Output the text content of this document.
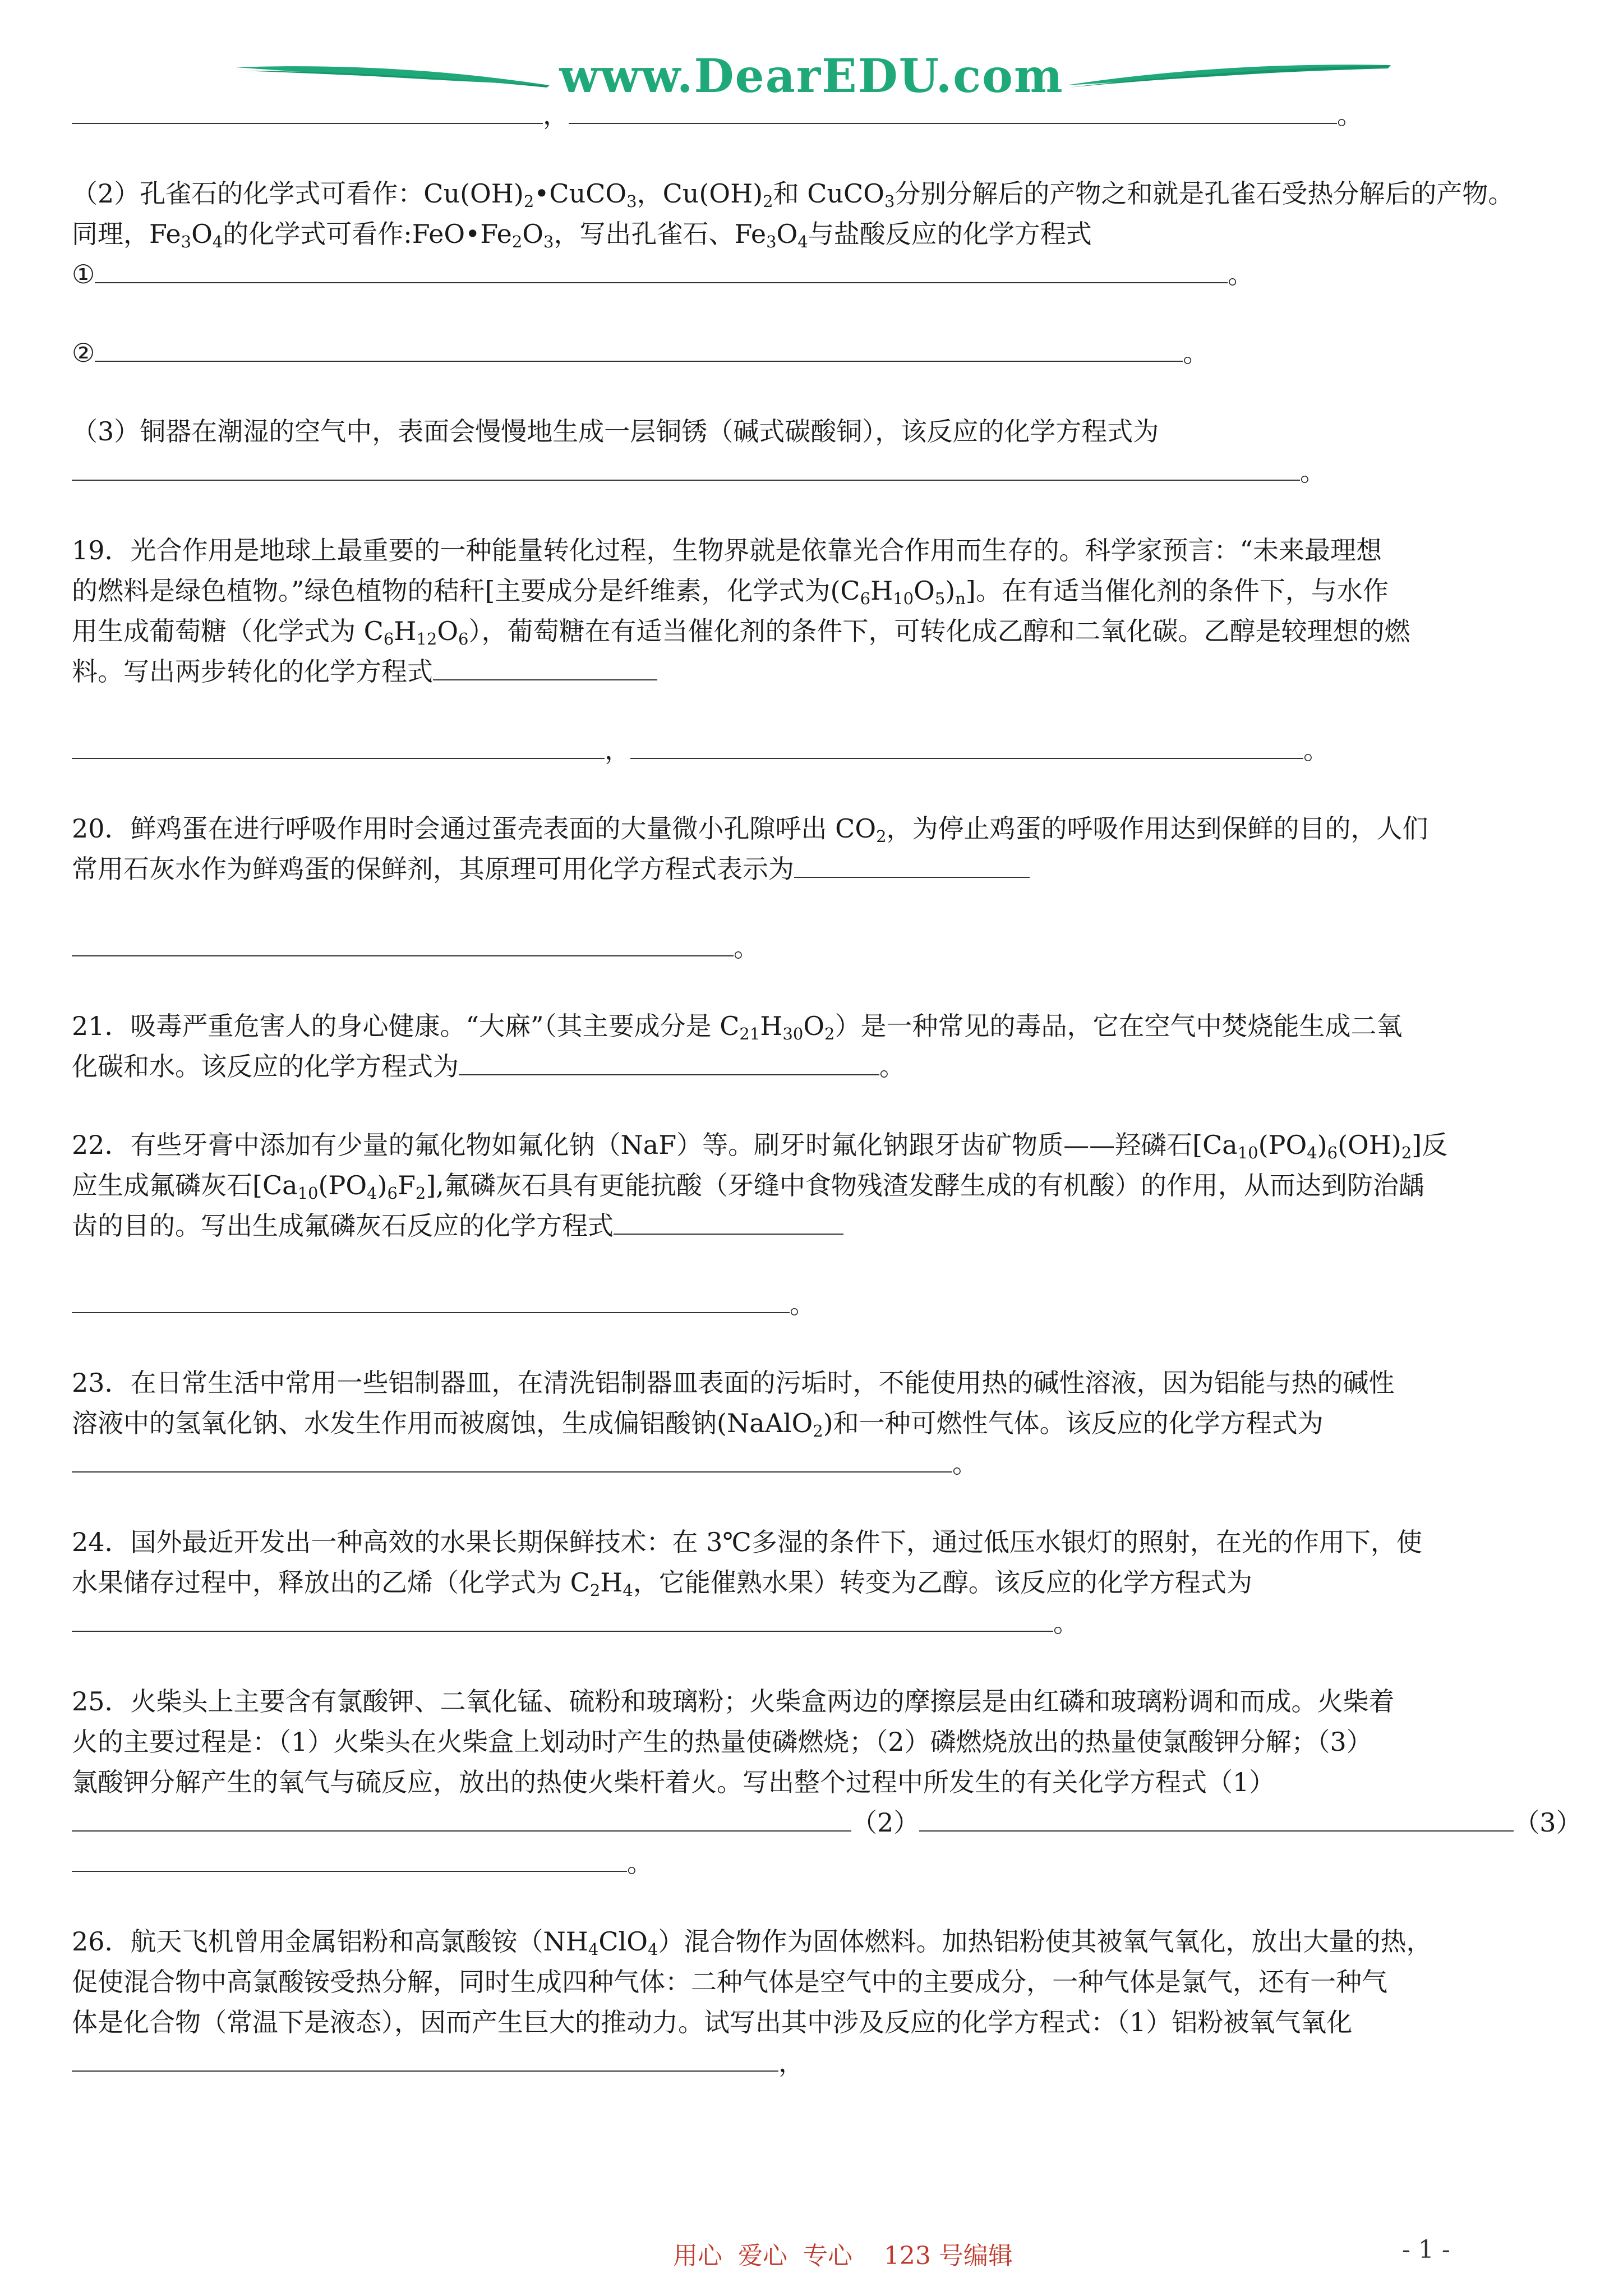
www.DearEDU.com
，	。
（2）孔雀石的化学式可看作：$Cu(OH)_2•CuCO_3$，$Cu(OH)_2$和 CuCO$_3$分别分解后的产物之和就是孔雀石受热分解后的产物。
同理，$Fe_3O_4$的化学式可看作$:FeO•Fe_2O_3$，写出孔雀石、$Fe_3O_4$与盐酸反应的化学方程式
①	。
②	。
（3）铜器在潮湿的空气中，表面会慢慢地生成一层铜锈（碱式碳酸铜），该反应的化学方程式为
。
19．光合作用是地球上最重要的一种能量转化过程，生物界就是依靠光合作用而生存的。科学家预言：“未来最理想
的燃料是绿色植物。”绿色植物的秸秆[主要成分是纤维素，化学式为$(C_6H_{10}O_5)_n$]。在有适当催化剂的条件下，与水作
用生成葡萄糖（化学式为 $C_6H_{12}O_6$），葡萄糖在有适当催化剂的条件下，可转化成乙醇和二氧化碳。乙醇是较理想的燃
料。写出两步转化的化学方程式
，	。
20．鲜鸡蛋在进行呼吸作用时会通过蛋壳表面的大量微小孔隙呼出 $CO_2$，为停止鸡蛋的呼吸作用达到保鲜的目的，人们
常用石灰水作为鲜鸡蛋的保鲜剂，其原理可用化学方程式表示为
。
21．吸毒严重危害人的身心健康。“大麻”（其主要成分是 $C_{21}H_{30}O_2$）是一种常见的毒品，它在空气中焚烧能生成二氧
化碳和水。该反应的化学方程式为	。
22．有些牙膏中添加有少量的氟化物如氟化钠（NaF）等。刷牙时氟化钠跟牙齿矿物质——羟磷石$[Ca_{10}(PO_4)_6(OH)_2]$反
应生成氟磷灰石$[Ca_{10}(PO_4)_6F_2]$,氟磷灰石具有更能抗酸（牙缝中食物残渣发酵生成的有机酸）的作用，从而达到防治龋
齿的目的。写出生成氟磷灰石反应的化学方程式
。
23．在日常生活中常用一些铝制器皿，在清洗铝制器皿表面的污垢时，不能使用热的碱性溶液，因为铝能与热的碱性
溶液中的氢氧化钠、水发生作用而被腐蚀，生成偏铝酸钠(NaAlO$_2$)和一种可燃性气体。该反应的化学方程式为
。
24．国外最近开发出一种高效的水果长期保鲜技术：在 3℃多湿的条件下，通过低压水银灯的照射，在光的作用下，使
水果储存过程中，释放出的乙烯（化学式为 $C_2H_4$，它能催熟水果）转变为乙醇。该反应的化学方程式为
。
25．火柴头上主要含有氯酸钾、二氧化锰、硫粉和玻璃粉；火柴盒两边的摩擦层是由红磷和玻璃粉调和而成。火柴着
火的主要过程是：（1）火柴头在火柴盒上划动时产生的热量使磷燃烧；（2）磷燃烧放出的热量使氯酸钾分解；（3）
氯酸钾分解产生的氧气与硫反应，放出的热使火柴杆着火。写出整个过程中所发生的有关化学方程式（1）
（2）	（3）
。
26．航天飞机曾用金属铝粉和高氯酸铵$(NH_4ClO_4)$混合物作为固体燃料。加热铝粉使其被氧气氧化，放出大量的热，
促使混合物中高氯酸铵受热分解，同时生成四种气体：二种气体是空气中的主要成分，一种气体是氯气，还有一种气
体是化合物（常温下是液态），因而产生巨大的推动力。试写出其中涉及反应的化学方程式：（1）铝粉被氧气氧化
，
用心  爱心  专心    123 号编辑	- 1 -
